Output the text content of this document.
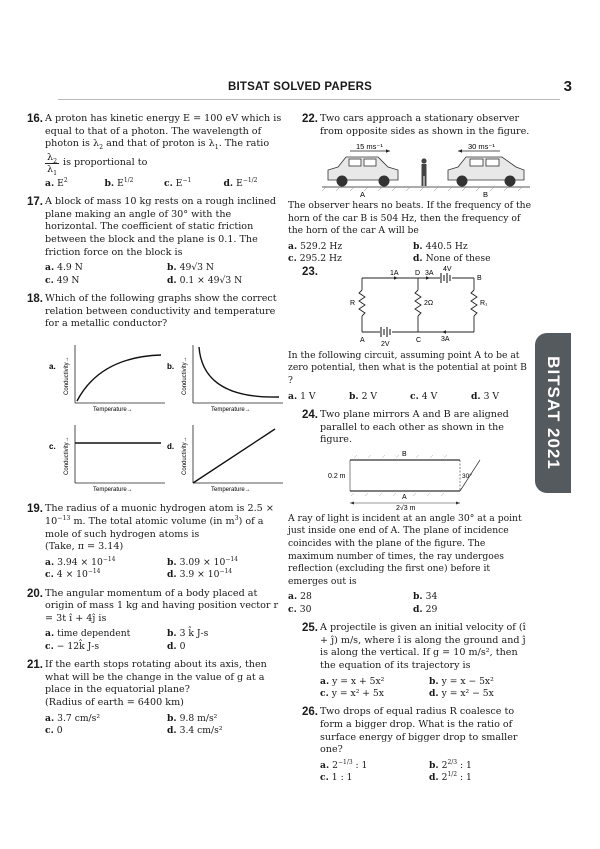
BITSAT SOLVED PAPERS	3
BITSAT 2021
16. A proton has kinetic energy E = 100 eV which is equal to that of a photon. The wavelength of photon is $\lambda_2$ and that of proton is $\lambda_1$. The ratio

$\lambda_2$
$\lambda_1$
is proportional to
a. $E^2$	b. $E^{1/2}$	c. $E^{-1}$	d. $E^{-1/2}$
17. A block of mass 10 kg rests on a rough inclined plane making an angle of 30° with the horizontal. The coefficient of static friction between the block and the plane is 0.1. The friction force on the block is

a. 4.9 N	b. 49√3 N
c. 49 N	d. 0.1 × 49√3 N
18. Which of the following graphs show the correct relation between conductivity and temperature for a metallic conductor?

a. Conductivity→
Temperature→
b. Conductivity→
Temperature→
c. Conductivity→
Temperature→
d. Conductivity→
Temperature→
19. The radius of a muonic hydrogen atom is $2.5 \times 10^{-13}$ m. The total atomic volume (in $m^3$) of a mole of such hydrogen atoms is

(Take, π = 3.14)

a. $3.94 \times 10^{-14}$	b. $3.09 \times 10^{-14}$
c. $4 \times 10^{-14}$	d. $3.9 \times 10^{-14}$
20. The angular momentum of a body placed at origin of mass 1 kg and having position vector r = 3t î + 4ĵ is

a. time dependent	b. 3 k̂ J-s
c. − 12k̂ J-s	d. 0
21. If the earth stops rotating about its axis, then what will be the change in the value of g at a place in the equatorial plane?

(Radius of earth = 6400 km)

a. 3.7 cm/s²	b. 9.8 m/s²
c. 0	d. 3.4 cm/s²
22. Two cars approach a stationary observer from opposite sides as shown in the figure.

15 ms⁻¹	30 ms⁻¹
A	B

The observer hears no beats. If the frequency of the horn of the car B is 504 Hz, then the frequency of the horn of the car A will be

a. 529.2 Hz	b. 440.5 Hz
c. 295.2 Hz	d. None of these
23.	1A D 3A
4V
B
R	2Ω	R₁
A	C	3A
2V

In the following circuit, assuming point A to be at zero potential, then what is the potential at point B ?

a. 1 V	b. 2 V	c. 4 V	d. 3 V
24. Two plane mirrors A and B are aligned parallel to each other as shown in the figure.

B
0.2 m	30°
A
2√3 m

A ray of light is incident at an angle 30° at a point just inside one end of A. The plane of incidence coincides with the plane of the figure. The maximum number of times, the ray undergoes reflection (excluding the first one) before it emerges out is

a. 28	b. 34
c. 30	d. 29
25. A projectile is given an initial velocity of (î + ĵ) m/s, where î is along the ground and ĵ is along the vertical. If g = 10 m/s², then the equation of its trajectory is

a. y = x + 5x²	b. y = x − 5x²
c. y = x² + 5x	d. y = x² − 5x
26. Two drops of equal radius R coalesce to form a bigger drop. What is the ratio of surface energy of bigger drop to smaller one?

a. $2^{-1/3}$ : 1	b. $2^{2/3}$ : 1
c. 1 : 1	d. $2^{1/2}$ : 1
